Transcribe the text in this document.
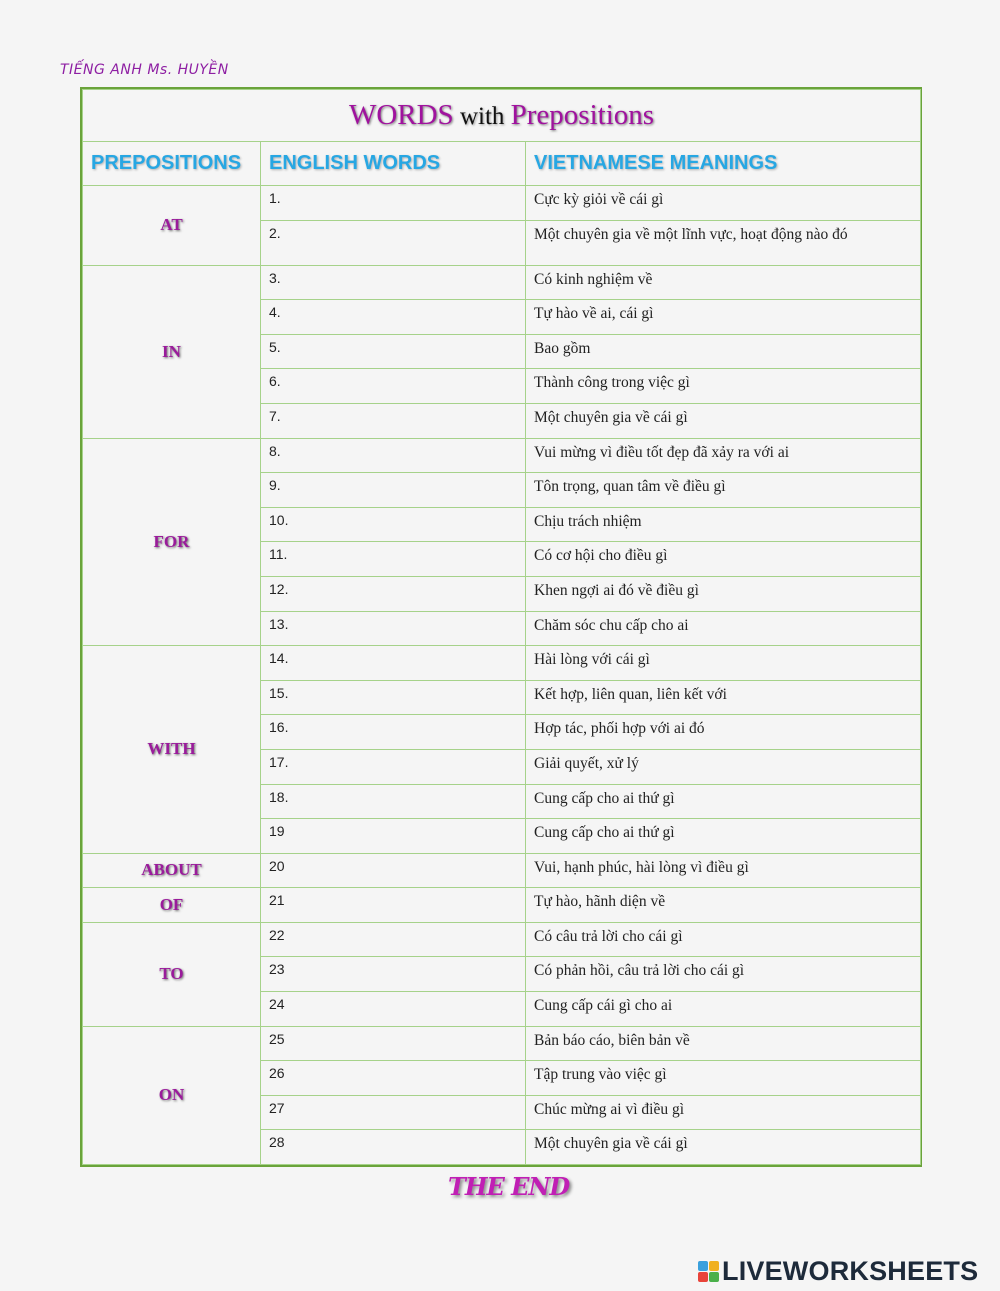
TIẾNG ANH Ms. HUYỀN
WORDS with Prepositions		
PREPOSITIONS	ENGLISH WORDS	VIETNAMESE MEANINGS
AT	1.	Cực kỳ giỏi về cái gì
	2.	Một chuyên gia về một lĩnh vực, hoạt động nào đó
IN	3.	Có kinh nghiệm về
	4.	Tự hào về ai, cái gì
	5.	Bao gồm
	6.	Thành công trong việc gì
	7.	Một chuyên gia về cái gì
FOR	8.	Vui mừng vì điều tốt đẹp đã xảy ra với ai
	9.	Tôn trọng, quan tâm về điều gì
	10.	Chịu trách nhiệm
	11.	Có cơ hội cho điều gì
	12.	Khen ngợi ai đó về điều gì
	13.	Chăm sóc chu cấp cho ai
WITH	14.	Hài lòng với cái gì
	15.	Kết hợp, liên quan, liên kết với
	16.	Hợp tác, phối hợp với ai đó
	17.	Giải quyết, xử lý
	18.	Cung cấp cho ai thứ gì
	19	Cung cấp cho ai thứ gì
ABOUT	20	Vui, hạnh phúc, hài lòng vì điều gì
OF	21	Tự hào, hãnh diện về
TO	22	Có câu trả lời cho cái gì
	23	Có phản hồi, câu trả lời cho cái gì
	24	Cung cấp cái gì cho ai
ON	25	Bản báo cáo, biên bản về
	26	Tập trung vào việc gì
	27	Chúc mừng ai vì điều gì
	28	Một chuyên gia về cái gì
THE END
LIVEWORKSHEETS
